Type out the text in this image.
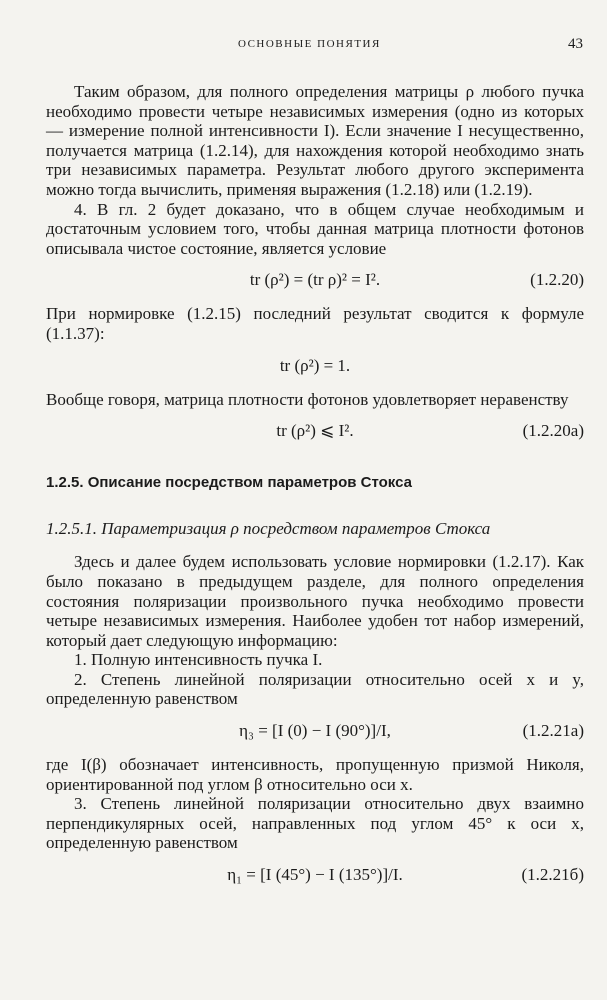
ОСНОВНЫЕ ПОНЯТИЯ	43

Таким образом, для полного определения матрицы ρ любого пучка необходимо провести четыре независимых измерения (одно из которых — измерение полной интенсивности I). Если значение I несущественно, получается матрица (1.2.14), для нахождения которой необходимо знать три независимых параметра. Результат любого другого эксперимента можно тогда вычислить, применяя выражения (1.2.18) или (1.2.19).

4. В гл. 2 будет доказано, что в общем случае необходимым и достаточным условием того, чтобы данная матрица плотности фотонов описывала чистое состояние, является условие

tr (ρ²) = (tr ρ)² = I².	(1.2.20)

При нормировке (1.2.15) последний результат сводится к формуле (1.1.37):

tr (ρ²) = 1.

Вообще говоря, матрица плотности фотонов удовлетворяет неравенству

tr (ρ²) ⩽ I².	(1.2.20а)
1.2.5. Описание посредством параметров Стокса
1.2.5.1. Параметризация ρ посредством параметров Стокса

Здесь и далее будем использовать условие нормировки (1.2.17). Как было показано в предыдущем разделе, для полного определения состояния поляризации произвольного пучка необходимо провести четыре независимых измерения. Наиболее удобен тот набор измерений, который дает следующую информацию:

1. Полную интенсивность пучка I.

2. Степень линейной поляризации относительно осей x и y, определенную равенством

η₃ = [I (0) − I (90°)]/I,	(1.2.21а)

где I(β) обозначает интенсивность, пропущенную призмой Николя, ориентированной под углом β относительно оси x.

3. Степень линейной поляризации относительно двух взаимно перпендикулярных осей, направленных под углом 45° к оси x, определенную равенством

η₁ = [I (45°) − I (135°)]/I.	(1.2.21б)
